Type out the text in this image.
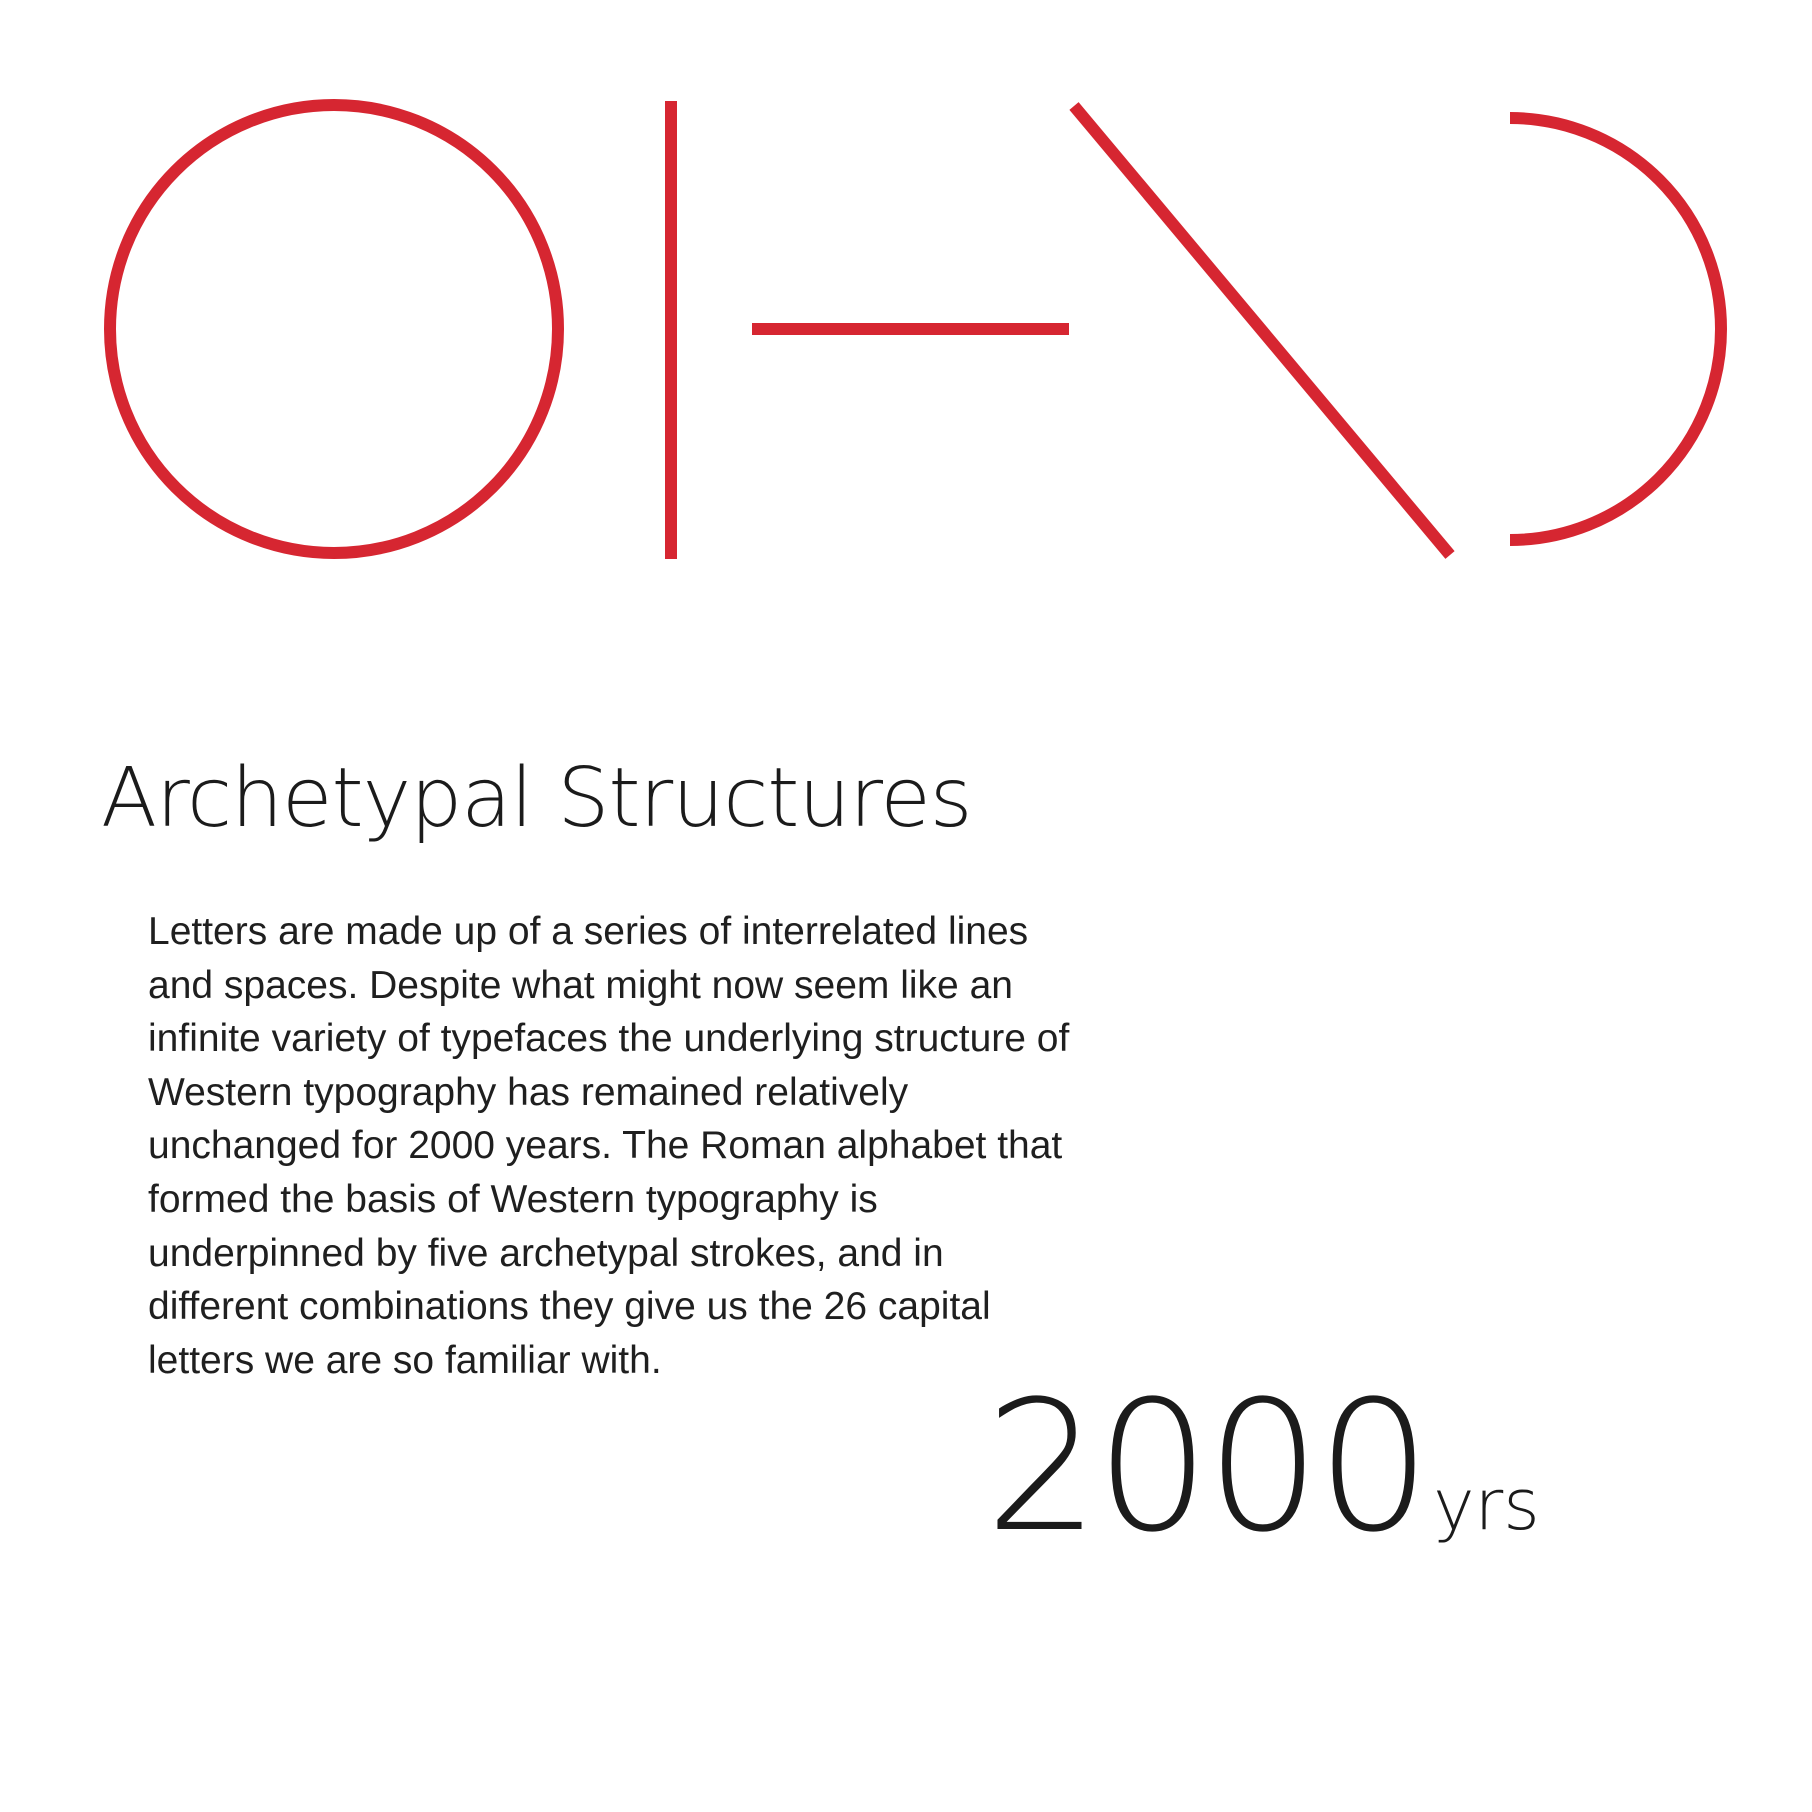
Archetypal Structures

Letters are made up of a series of interrelated lines and spaces. Despite what might now seem like an infinite variety of typefaces the underlying structure of Western typography has remained relatively unchanged for 2000 years. The Roman alphabet that formed the basis of Western typography is underpinned by five archetypal strokes, and in different combinations they give us the 26 capital letters we are so familiar with.

2000 yrs
